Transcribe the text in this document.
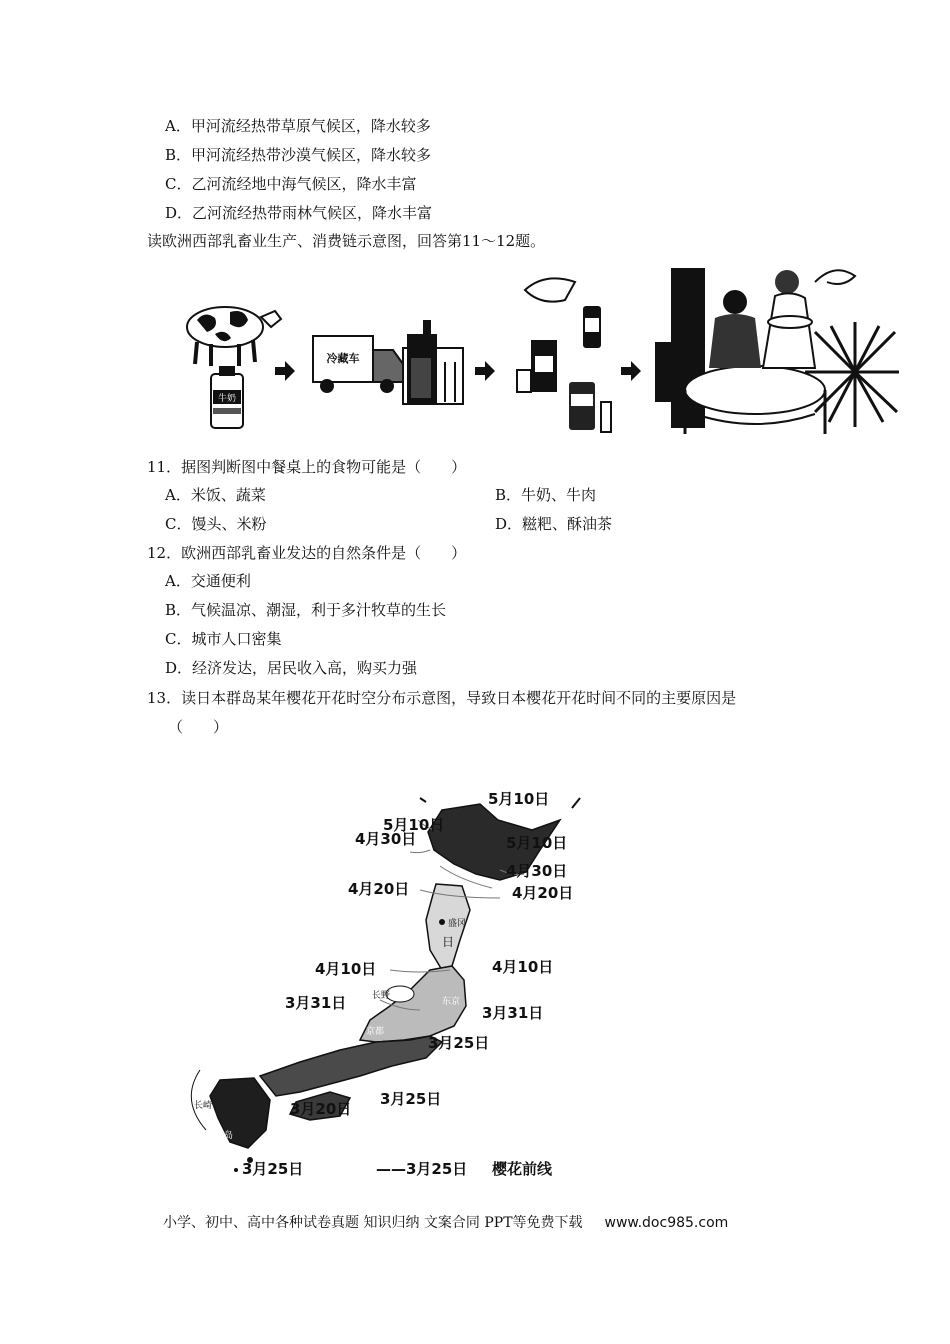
A．甲河流经热带草原气候区，降水较多
B．甲河流经热带沙漠气候区，降水较多
C．乙河流经地中海气候区，降水丰富
D．乙河流经热带雨林气候区，降水丰富
读欧洲西部乳畜业生产、消费链示意图，回答第11～12题。
牛奶
冷藏车
11．据图判断图中餐桌上的食物可能是（　　）
A．米饭、蔬菜	B．牛奶、牛肉
C．馒头、米粉	D．糍粑、酥油茶
12．欧洲西部乳畜业发达的自然条件是（　　）
A．交通便利
B．气候温凉、潮湿，利于多汁牧草的生长
C．城市人口密集
D．经济发达，居民收入高，购买力强
13．读日本群岛某年樱花开花时空分布示意图，导致日本樱花开花时间不同的主要原因是
（　　）
盛冈
长野
东京
京都
长崎
岛
日
5月10日
5月10日
4月30日	5月10日
4月30日
4月20日	4月20日
4月10日	4月10日
3月31日
3月31日
3月25日
3月25日
3月20日
3月25日	——3月25日 樱花前线
小学、初中、高中各种试卷真题 知识归纳 文案合同 PPT等免费下载 www.doc985.com
